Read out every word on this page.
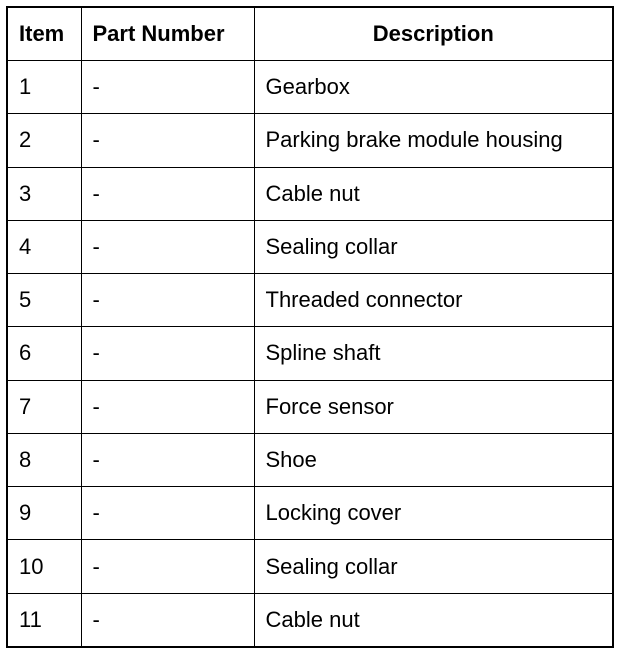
Item	Part Number	Description
1	-	Gearbox
2	-	Parking brake module housing
3	-	Cable nut
4	-	Sealing collar
5	-	Threaded connector
6	-	Spline shaft
7	-	Force sensor
8	-	Shoe
9	-	Locking cover
10	-	Sealing collar
11	-	Cable nut
